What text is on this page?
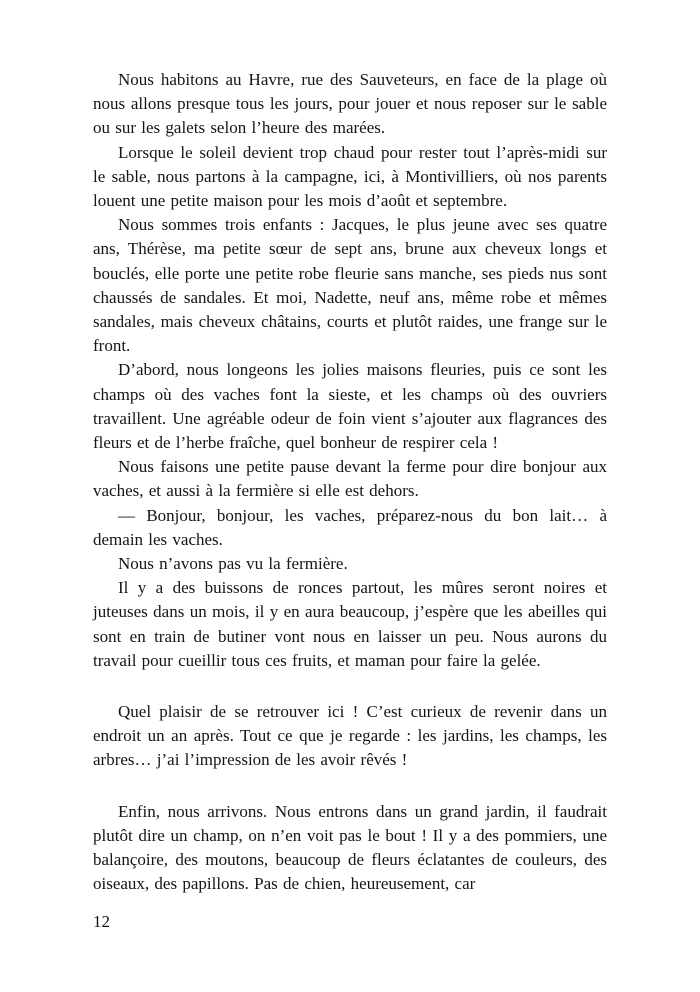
Nous habitons au Havre, rue des Sauveteurs, en face de la plage où nous allons presque tous les jours, pour jouer et nous reposer sur le sable ou sur les galets selon l’heure des marées.

Lorsque le soleil devient trop chaud pour rester tout l’après-midi sur le sable, nous partons à la campagne, ici, à Montivilliers, où nos parents louent une petite maison pour les mois d’août et septembre.

Nous sommes trois enfants : Jacques, le plus jeune avec ses quatre ans, Thérèse, ma petite sœur de sept ans, brune aux cheveux longs et bouclés, elle porte une petite robe fleurie sans manche, ses pieds nus sont chaussés de sandales. Et moi, Nadette, neuf ans, même robe et mêmes sandales, mais cheveux châtains, courts et plutôt raides, une frange sur le front.

D’abord, nous longeons les jolies maisons fleuries, puis ce sont les champs où des vaches font la sieste, et les champs où des ouvriers travaillent. Une agréable odeur de foin vient s’ajouter aux flagrances des fleurs et de l’herbe fraîche, quel bonheur de respirer cela !

Nous faisons une petite pause devant la ferme pour dire bonjour aux vaches, et aussi à la fermière si elle est dehors.

— Bonjour, bonjour, les vaches, préparez-nous du bon lait… à demain les vaches.

Nous n’avons pas vu la fermière.

Il y a des buissons de ronces partout, les mûres seront noires et juteuses dans un mois, il y en aura beaucoup, j’espère que les abeilles qui sont en train de butiner vont nous en laisser un peu. Nous aurons du travail pour cueillir tous ces fruits, et maman pour faire la gelée.

Quel plaisir de se retrouver ici ! C’est curieux de revenir dans un endroit un an après. Tout ce que je regarde : les jardins, les champs, les arbres… j’ai l’impression de les avoir rêvés !

Enfin, nous arrivons. Nous entrons dans un grand jardin, il faudrait plutôt dire un champ, on n’en voit pas le bout ! Il y a des pommiers, une balançoire, des moutons, beaucoup de fleurs éclatantes de couleurs, des oiseaux, des papillons. Pas de chien, heureusement, car

12
